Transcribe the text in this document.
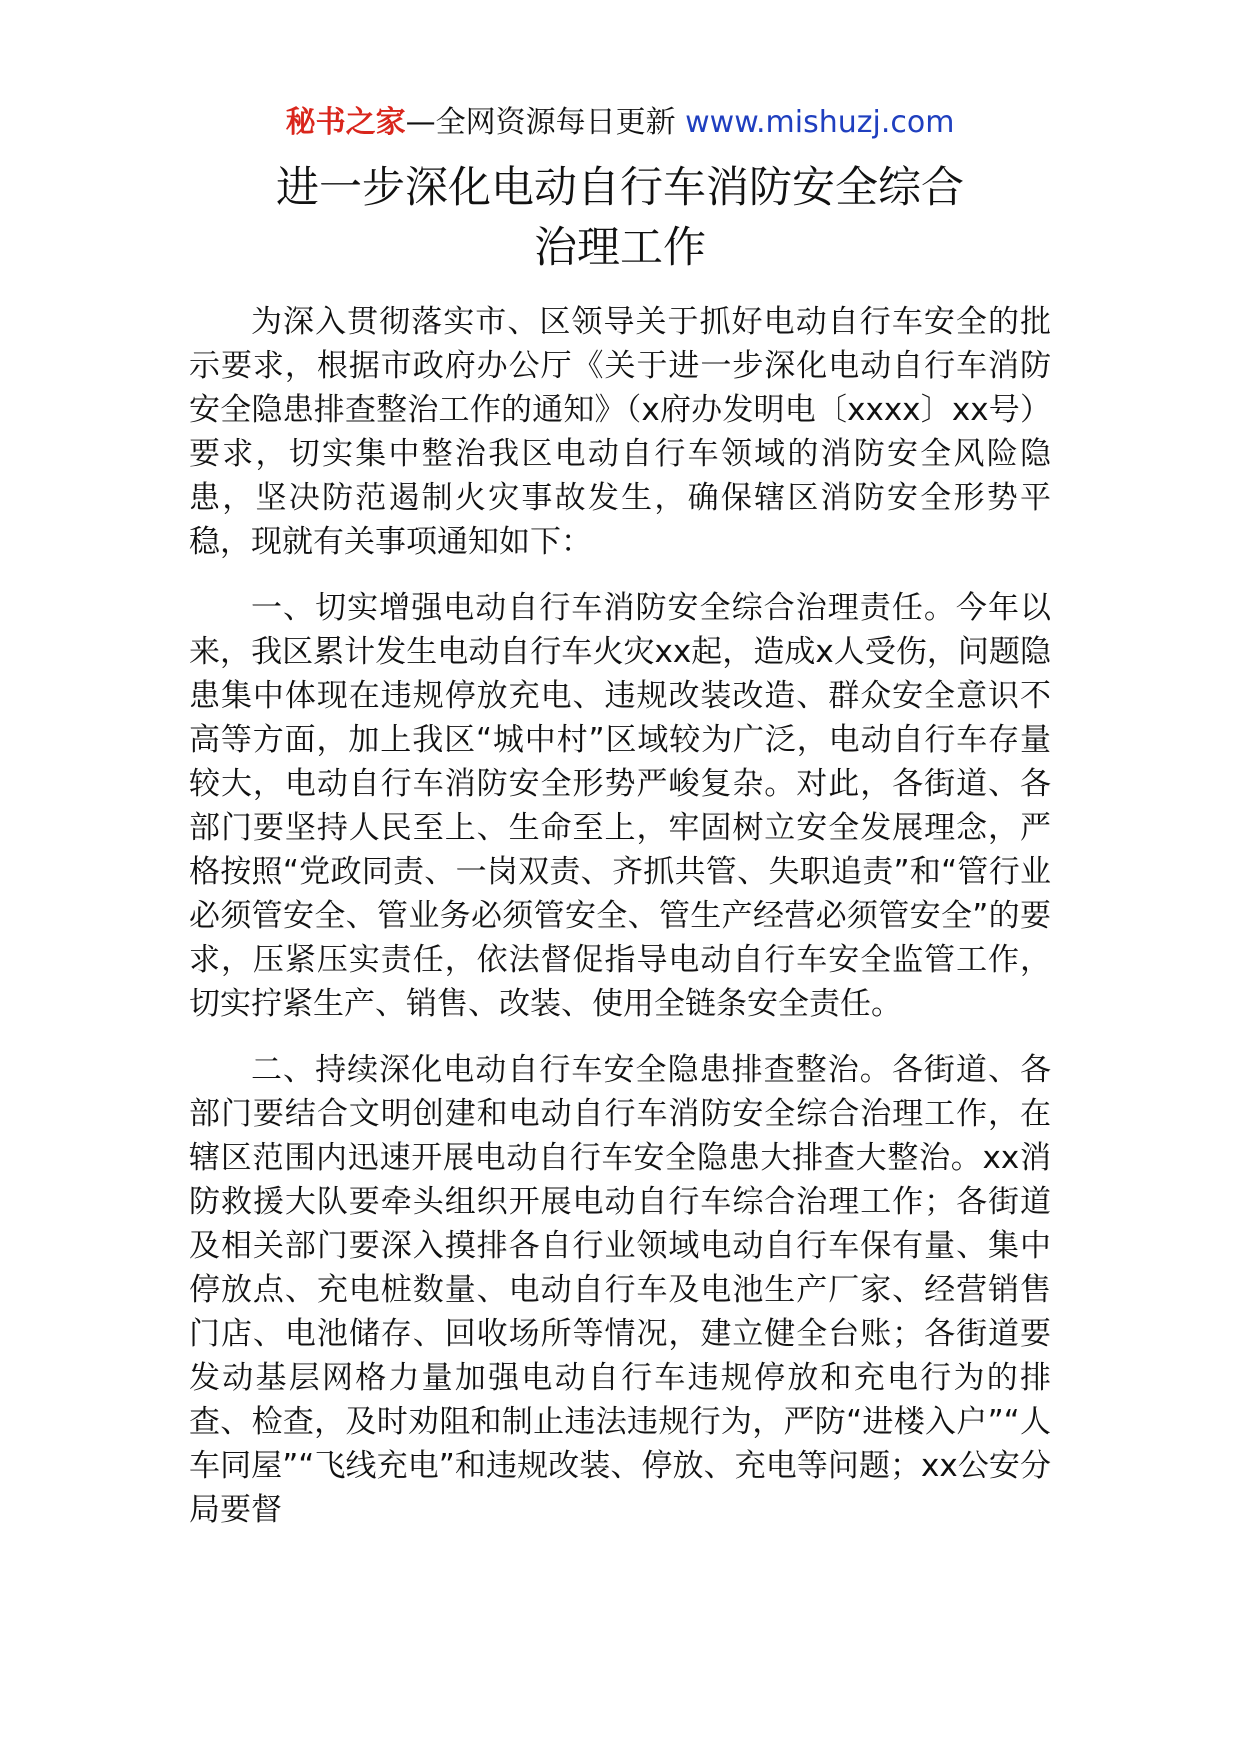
秘书之家—全网资源每日更新 www.mishuzj.com
进一步深化电动自行车消防安全综合
治理工作

为深入贯彻落实市、区领导关于抓好电动自行车安全的批示要求，根据市政府办公厅《关于进一步深化电动自行车消防安全隐患排查整治工作的通知》（x府办发明电〔xxxx〕xx号）要求，切实集中整治我区电动自行车领域的消防安全风险隐患，坚决防范遏制火灾事故发生，确保辖区消防安全形势平稳，现就有关事项通知如下：

一、切实增强电动自行车消防安全综合治理责任。今年以来，我区累计发生电动自行车火灾xx起，造成x人受伤，问题隐患集中体现在违规停放充电、违规改装改造、群众安全意识不高等方面，加上我区“城中村”区域较为广泛，电动自行车存量较大，电动自行车消防安全形势严峻复杂。对此，各街道、各部门要坚持人民至上、生命至上，牢固树立安全发展理念，严格按照“党政同责、一岗双责、齐抓共管、失职追责”和“管行业必须管安全、管业务必须管安全、管生产经营必须管安全”的要求，压紧压实责任，依法督促指导电动自行车安全监管工作，切实拧紧生产、销售、改装、使用全链条安全责任。

二、持续深化电动自行车安全隐患排查整治。各街道、各部门要结合文明创建和电动自行车消防安全综合治理工作，在辖区范围内迅速开展电动自行车安全隐患大排查大整治。xx消防救援大队要牵头组织开展电动自行车综合治理工作；各街道及相关部门要深入摸排各自行业领域电动自行车保有量、集中停放点、充电桩数量、电动自行车及电池生产厂家、经营销售门店、电池储存、回收场所等情况，建立健全台账；各街道要发动基层网格力量加强电动自行车违规停放和充电行为的排查、检查，及时劝阻和制止违法违规行为，严防“进楼入户”“人车同屋”“飞线充电”和违规改装、停放、充电等问题；xx公安分局要督
